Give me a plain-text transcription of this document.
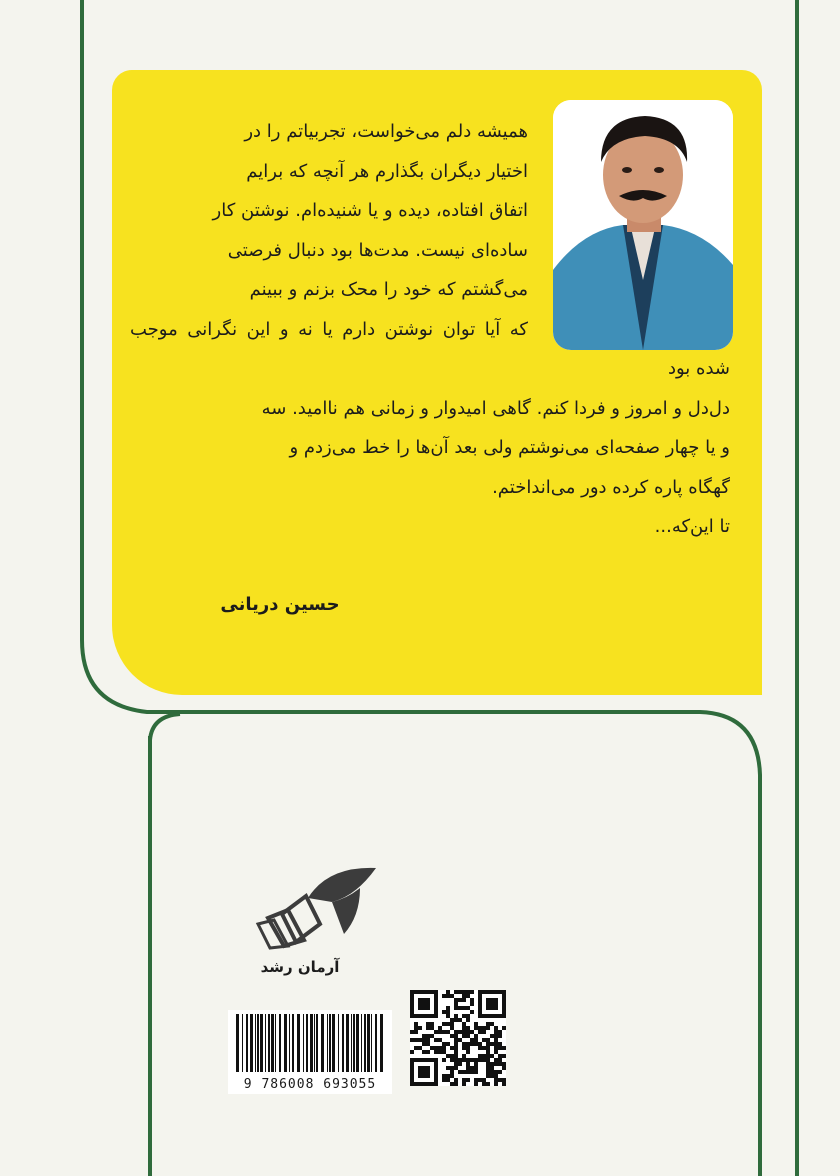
همیشه دلم می‌خواست، تجربیاتم را در
اختیار دیگران بگذارم هر آنچه که برایم
اتفاق افتاده، دیده و یا شنیده‌ام. نوشتن کار
ساده‌ای نیست. مدت‌ها بود دنبال فرصتی
می‌گشتم که خود را محک بزنم و ببینم
که آیا توان نوشتن دارم یا نه و این نگرانی موجب شده بود
دل‌دل و امروز و فردا کنم. گاهی امیدوار و زمانی هم ناامید. سه
و یا چهار صفحه‌ای می‌نوشتم ولی بعد آن‌ها را خط می‌زدم و
گهگاه پاره کرده دور می‌انداختم.
تا این‌که...
حسین دریانی
آرمان رشد
9 786008 693055
